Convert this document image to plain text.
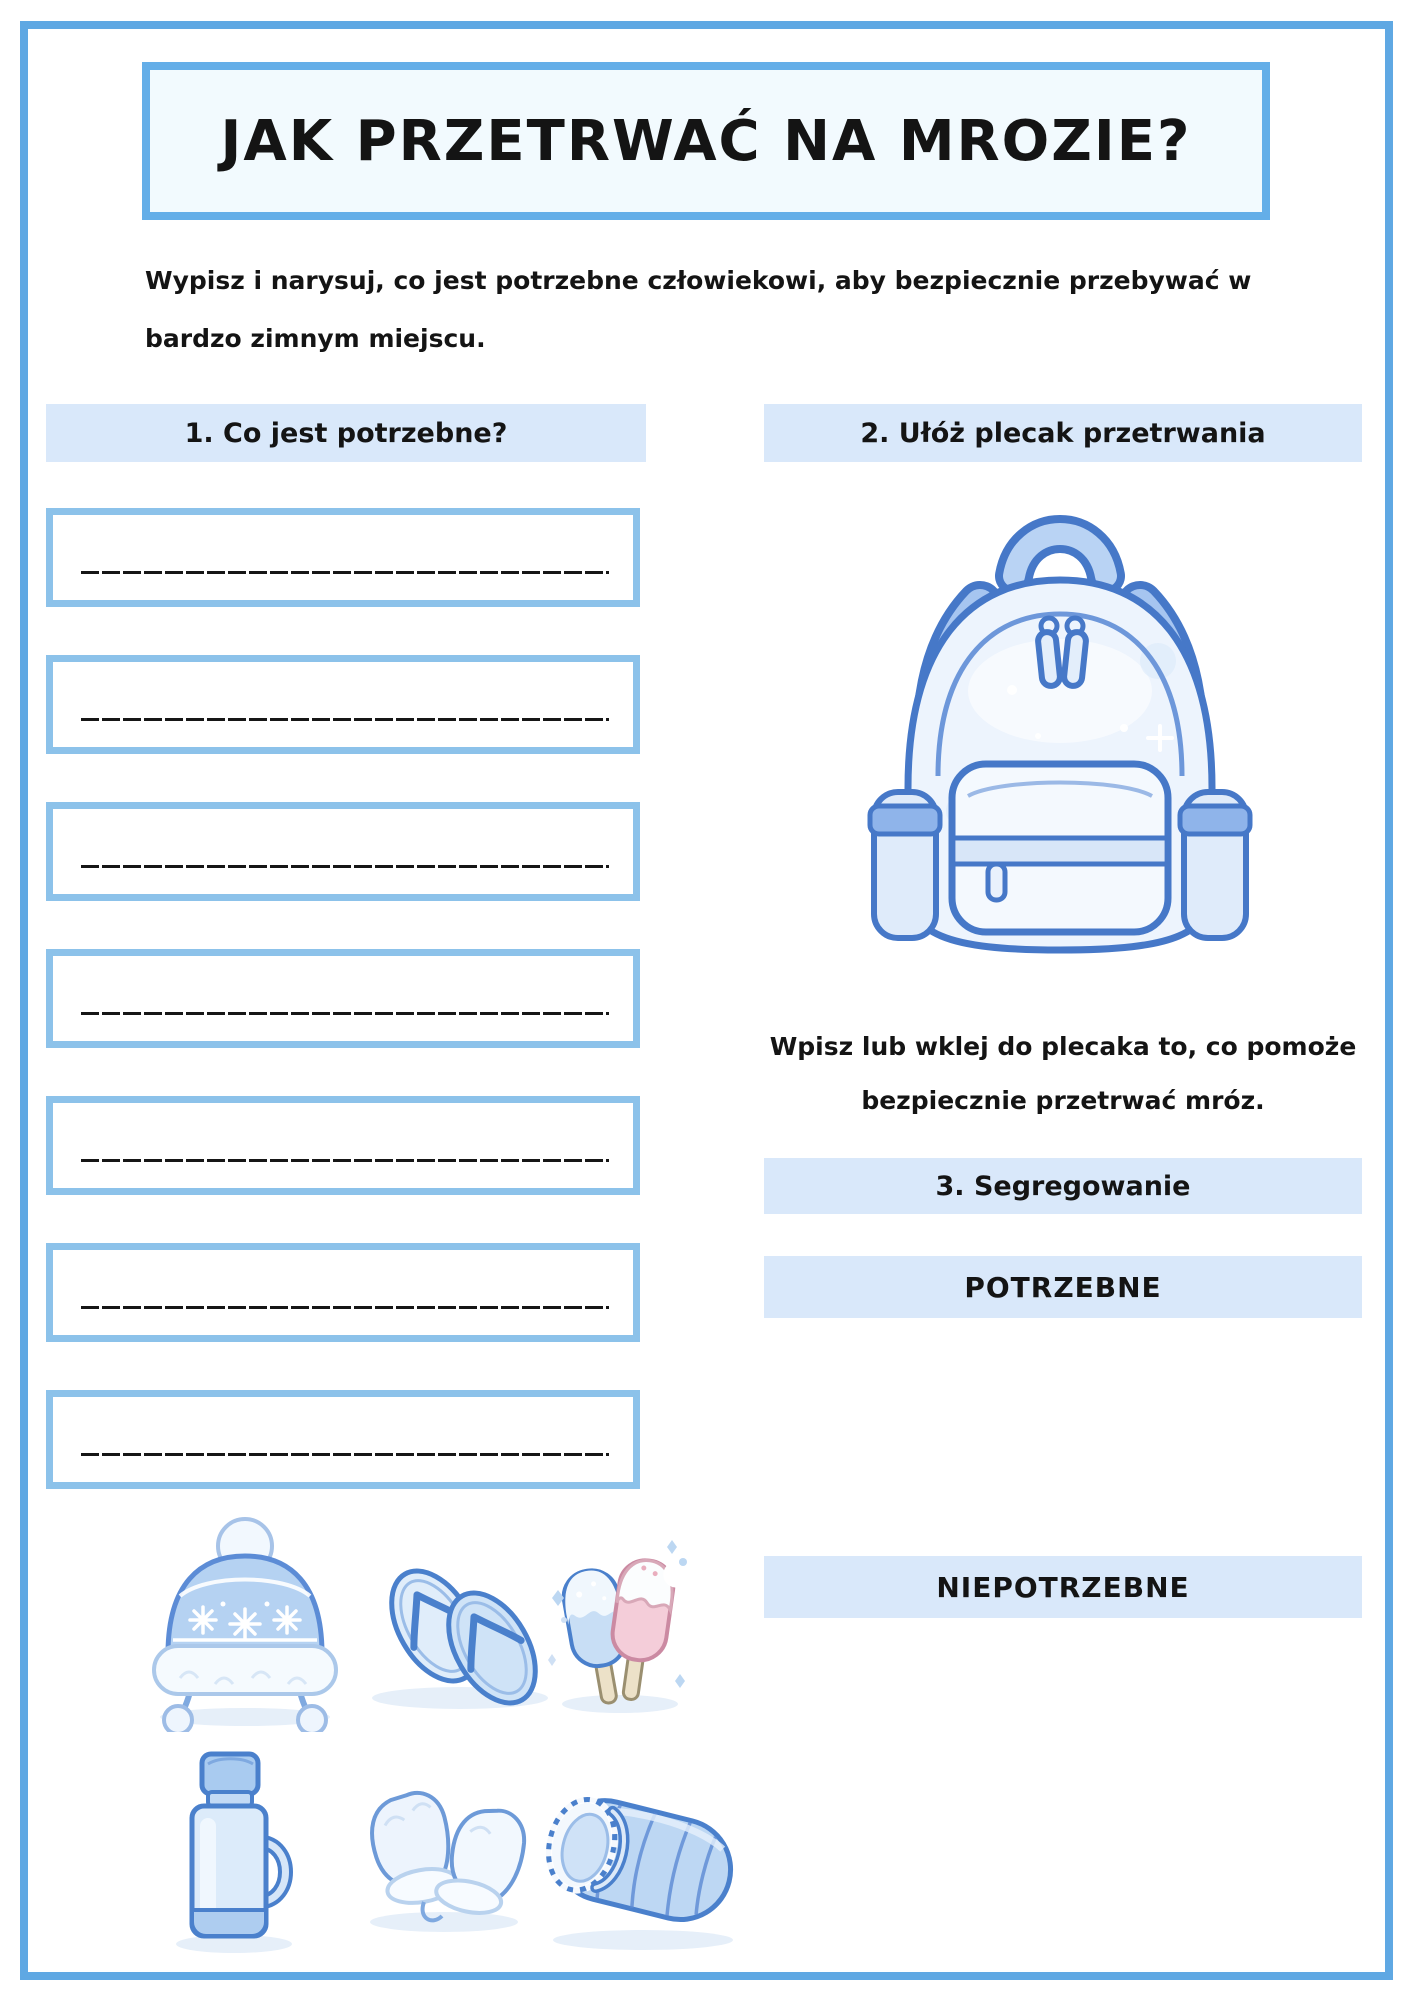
JAK PRZETRWAĆ NA MROZIE?
Wypisz i narysuj, co jest potrzebne człowiekowi, aby bezpiecznie przebywać w
bardzo zimnym miejscu.
1. Co jest potrzebne?	2. Ułóż plecak przetrwania
Wpisz lub wklej do plecaka to, co pomoże
bezpiecznie przetrwać mróz.
3. Segregowanie
POTRZEBNE
NIEPOTRZEBNE
